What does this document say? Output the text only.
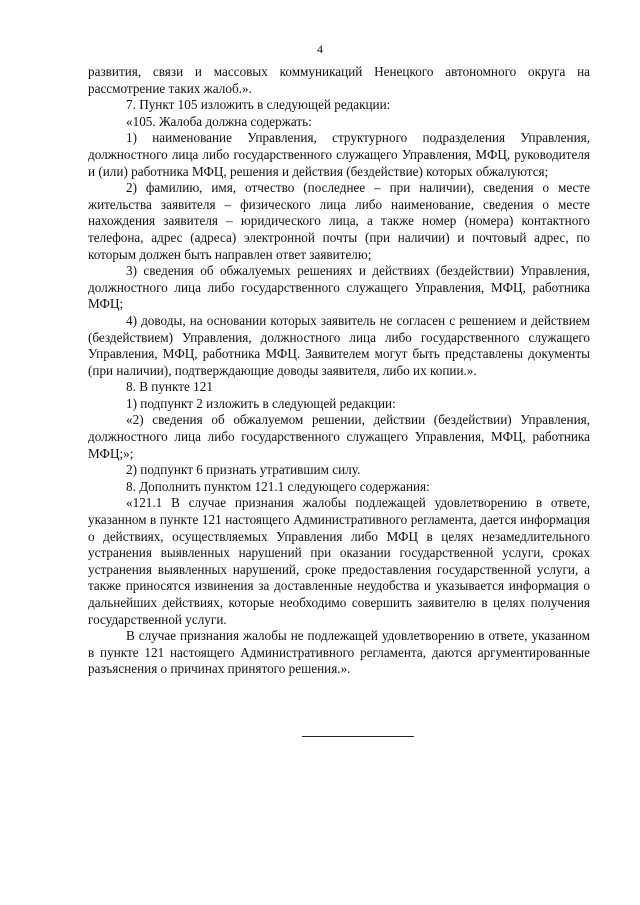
4

развития, связи и массовых коммуникаций Ненецкого автономного округа на рассмотрение таких жалоб.».

7. Пункт 105 изложить в следующей редакции:

«105. Жалоба должна содержать:

1) наименование Управления, структурного подразделения Управления, должностного лица либо государственного служащего Управления, МФЦ, руководителя и (или) работника МФЦ, решения и действия (бездействие) которых обжалуются;

2) фамилию, имя, отчество (последнее – при наличии), сведения о месте жительства заявителя – физического лица либо наименование, сведения о месте нахождения заявителя – юридического лица, а также номер (номера) контактного телефона, адрес (адреса) электронной почты (при наличии) и почтовый адрес, по которым должен быть направлен ответ заявителю;

3) сведения об обжалуемых решениях и действиях (бездействии) Управления, должностного лица либо государственного служащего Управления, МФЦ, работника МФЦ;

4) доводы, на основании которых заявитель не согласен с решением и действием (бездействием) Управления, должностного лица либо государственного служащего Управления, МФЦ, работника МФЦ. Заявителем могут быть представлены документы (при наличии), подтверждающие доводы заявителя, либо их копии.».

8. В пункте 121

1) подпункт 2 изложить в следующей редакции:

«2) сведения об обжалуемом решении, действии (бездействии) Управления, должностного лица либо государственного служащего Управления, МФЦ, работника МФЦ;»;

2) подпункт 6 признать утратившим силу.

8. Дополнить пунктом 121.1 следующего содержания:

«121.1 В случае признания жалобы подлежащей удовлетворению в ответе, указанном в пункте 121 настоящего Административного регламента, дается информация о действиях, осуществляемых Управления либо МФЦ в целях незамедлительного устранения выявленных нарушений при оказании государственной услуги, сроках устранения выявленных нарушений, сроке предоставления государственной услуги, а также приносятся извинения за доставленные неудобства и указывается информация о дальнейших действиях, которые необходимо совершить заявителю в целях получения государственной услуги.

В случае признания жалобы не подлежащей удовлетворению в ответе, указанном в пункте 121 настоящего Административного регламента, даются аргументированные разъяснения о причинах принятого решения.».
